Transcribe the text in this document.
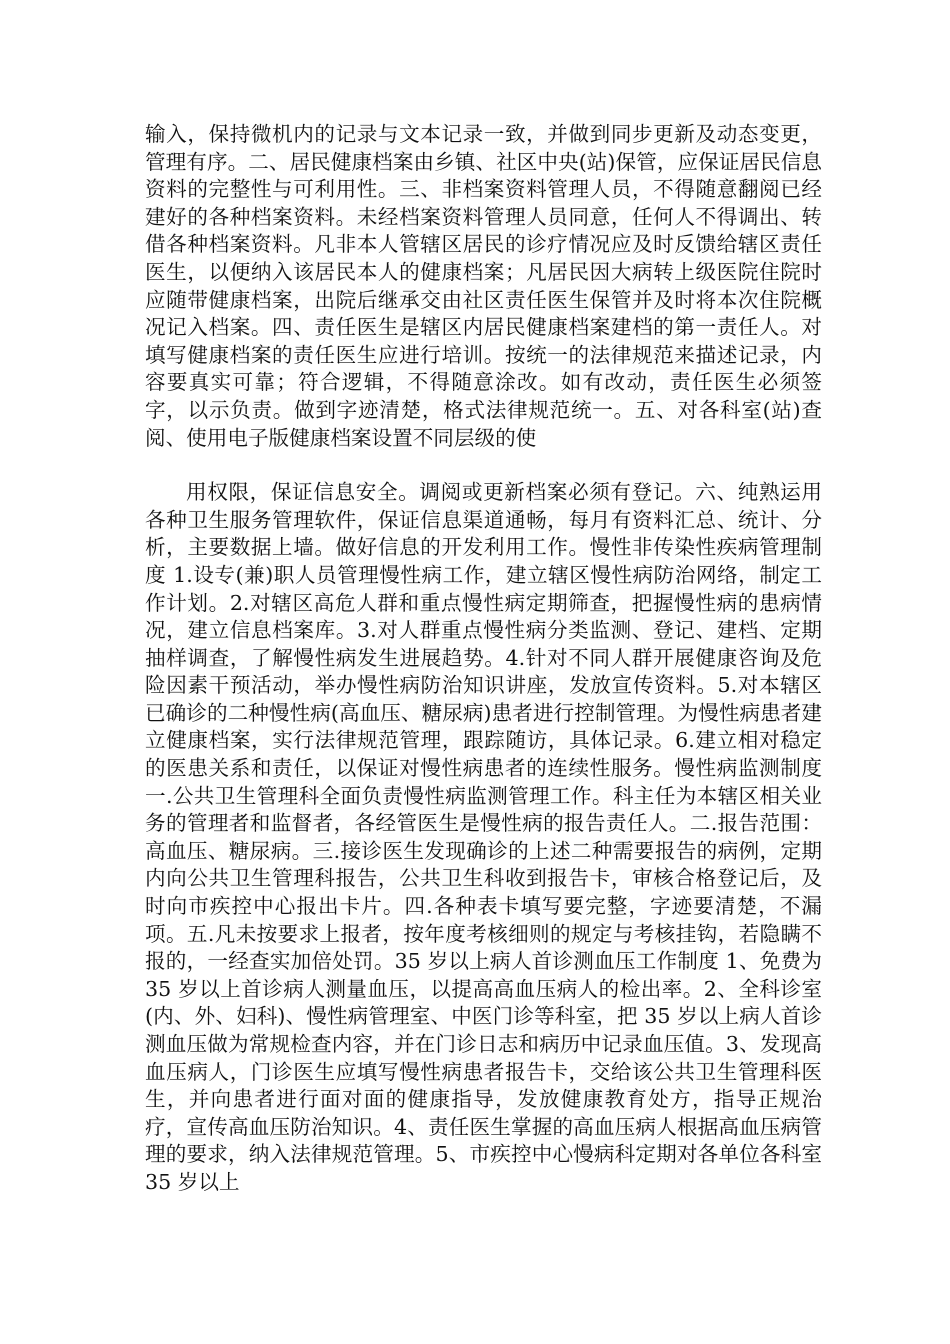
输入，保持微机内的记录与文本记录一致，并做到同步更新及动态变更，管理有序。二、居民健康档案由乡镇、社区中央(站)保管，应保证居民信息资料的完整性与可利用性。三、非档案资料管理人员，不得随意翻阅已经建好的各种档案资料。未经档案资料管理人员同意，任何人不得调出、转借各种档案资料。凡非本人管辖区居民的诊疗情况应及时反馈给辖区责任医生，以便纳入该居民本人的健康档案；凡居民因大病转上级医院住院时应随带健康档案，出院后继承交由社区责任医生保管并及时将本次住院概况记入档案。四、责任医生是辖区内居民健康档案建档的第一责任人。对填写健康档案的责任医生应进行培训。按统一的法律规范来描述记录，内容要真实可靠；符合逻辑，不得随意涂改。如有改动，责任医生必须签字，以示负责。做到字迹清楚，格式法律规范统一。五、对各科室(站)查阅、使用电子版健康档案设置不同层级的使

用权限，保证信息安全。调阅或更新档案必须有登记。六、纯熟运用各种卫生服务管理软件，保证信息渠道通畅，每月有资料汇总、统计、分析，主要数据上墙。做好信息的开发利用工作。慢性非传染性疾病管理制度 1.设专(兼)职人员管理慢性病工作，建立辖区慢性病防治网络，制定工作计划。2.对辖区高危人群和重点慢性病定期筛查，把握慢性病的患病情况，建立信息档案库。3.对人群重点慢性病分类监测、登记、建档、定期抽样调查，了解慢性病发生进展趋势。4.针对不同人群开展健康咨询及危险因素干预活动，举办慢性病防治知识讲座，发放宣传资料。5.对本辖区已确诊的二种慢性病(高血压、糖尿病)患者进行控制管理。为慢性病患者建立健康档案，实行法律规范管理，跟踪随访，具体记录。6.建立相对稳定的医患关系和责任，以保证对慢性病患者的连续性服务。慢性病监测制度一.公共卫生管理科全面负责慢性病监测管理工作。科主任为本辖区相关业务的管理者和监督者，各经管医生是慢性病的报告责任人。二.报告范围：高血压、糖尿病。三.接诊医生发现确诊的上述二种需要报告的病例，定期内向公共卫生管理科报告，公共卫生科收到报告卡，审核合格登记后，及时向市疾控中心报出卡片。四.各种表卡填写要完整，字迹要清楚，不漏项。五.凡未按要求上报者，按年度考核细则的规定与考核挂钩，若隐瞒不报的，一经查实加倍处罚。35 岁以上病人首诊测血压工作制度 1、免费为 35 岁以上首诊病人测量血压，以提高高血压病人的检出率。2、全科诊室(内、外、妇科)、慢性病管理室、中医门诊等科室，把 35 岁以上病人首诊测血压做为常规检查内容，并在门诊日志和病历中记录血压值。3、发现高血压病人，门诊医生应填写慢性病患者报告卡，交给该公共卫生管理科医生，并向患者进行面对面的健康指导，发放健康教育处方，指导正规治疗，宣传高血压防治知识。4、责任医生掌握的高血压病人根据高血压病管理的要求，纳入法律规范管理。5、市疾控中心慢病科定期对各单位各科室 35 岁以上
